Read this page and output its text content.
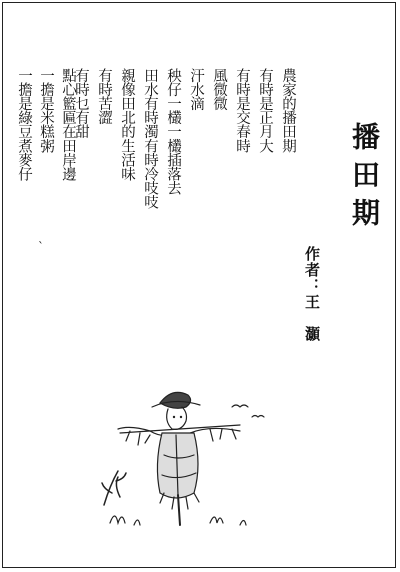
播田期
作者：王　灝
農家的播田期
有時是正月大
有時是交春時
風微微
汗水滴
秧仔一欉一欉插落去
田水有時濁有時冷吱吱
親像田北的生活味
有時苦澀
有時乜有甜
點心籃匾在田岸邊
一擔是米糕粥
一擔是綠豆煮麥仔
ˋ
